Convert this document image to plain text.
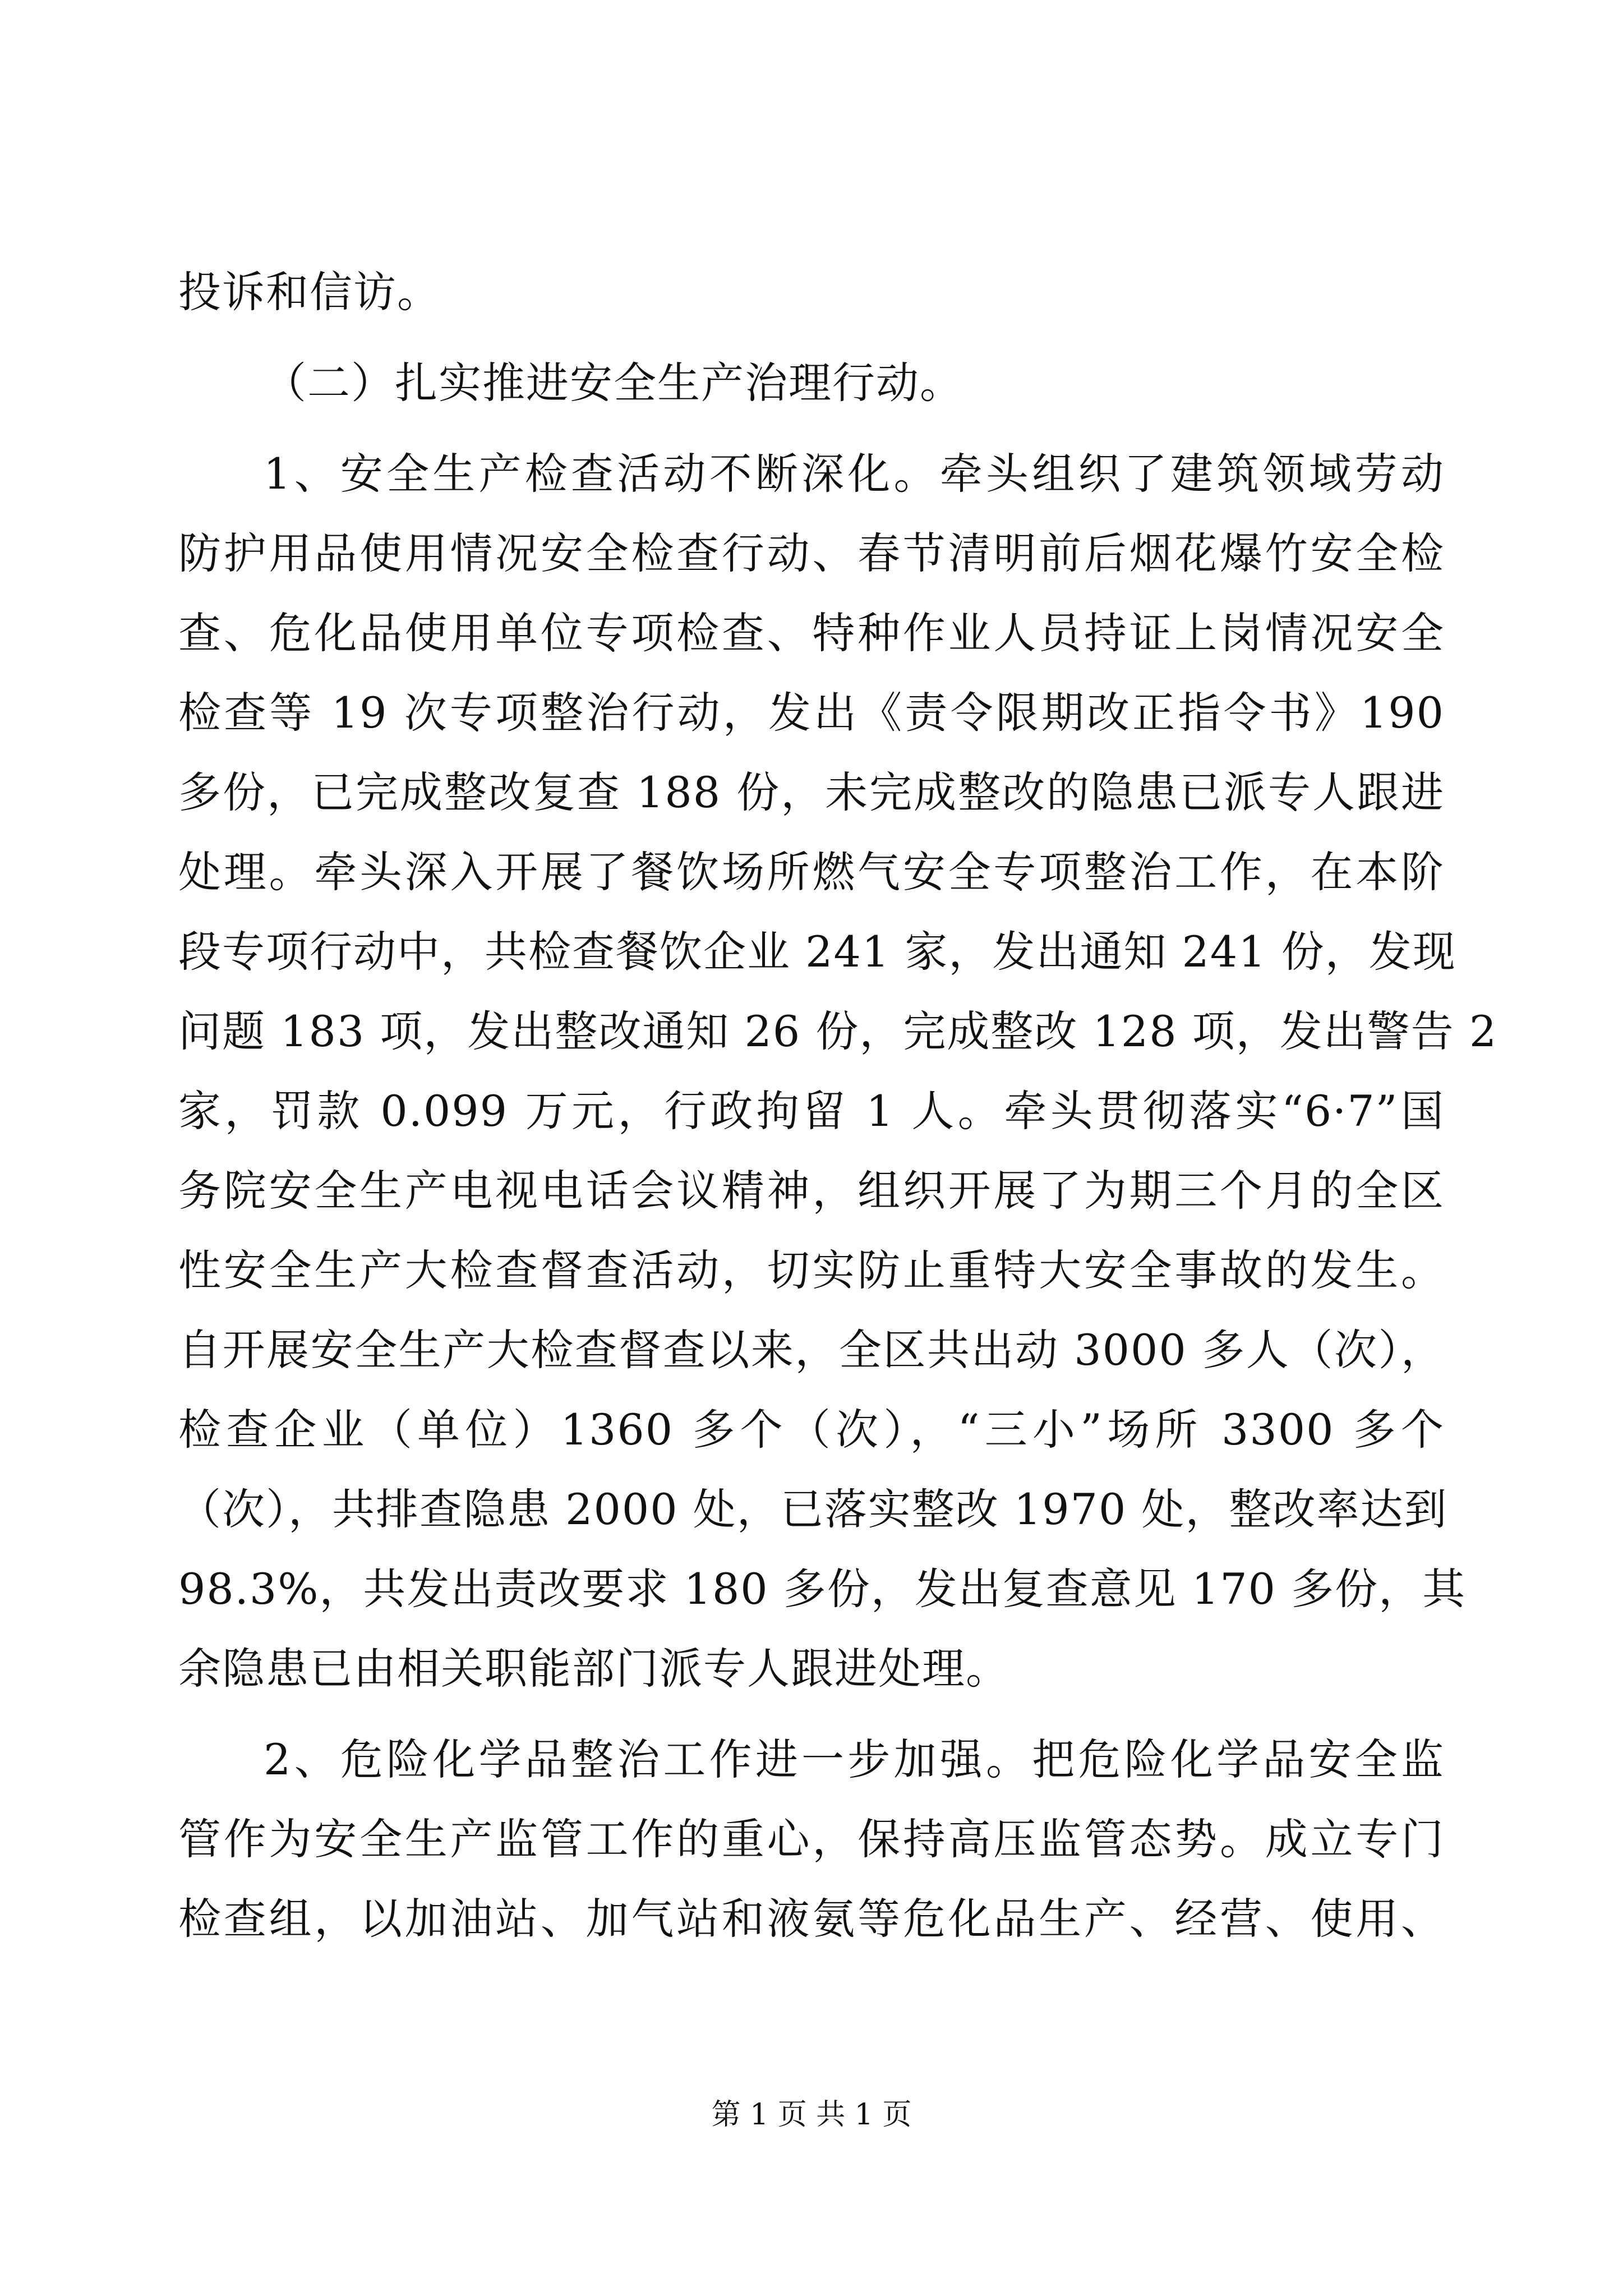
投诉和信访。
（二）扎实推进安全生产治理行动。
1、安全生产检查活动不断深化。牵头组织了建筑领域劳动
防护用品使用情况安全检查行动、春节清明前后烟花爆竹安全检
查、危化品使用单位专项检查、特种作业人员持证上岗情况安全
检查等 19 次专项整治行动，发出《责令限期改正指令书》190
多份，已完成整改复查 188 份，未完成整改的隐患已派专人跟进
处理。牵头深入开展了餐饮场所燃气安全专项整治工作，在本阶
段专项行动中，共检查餐饮企业 241 家，发出通知 241 份，发现
问题 183 项，发出整改通知 26 份，完成整改 128 项，发出警告 2
家，罚款 0.099 万元，行政拘留 1 人。牵头贯彻落实“6·7”国
务院安全生产电视电话会议精神，组织开展了为期三个月的全区
性安全生产大检查督查活动，切实防止重特大安全事故的发生。
自开展安全生产大检查督查以来，全区共出动 3000 多人（次），
检查企业（单位）1360 多个（次），“三小”场所 3300 多个
（次），共排查隐患 2000 处，已落实整改 1970 处，整改率达到
98.3%，共发出责改要求 180 多份，发出复查意见 170 多份，其
余隐患已由相关职能部门派专人跟进处理。
2、危险化学品整治工作进一步加强。把危险化学品安全监
管作为安全生产监管工作的重心，保持高压监管态势。成立专门
检查组，以加油站、加气站和液氨等危化品生产、经营、使用、
第 1 页 共 1 页
